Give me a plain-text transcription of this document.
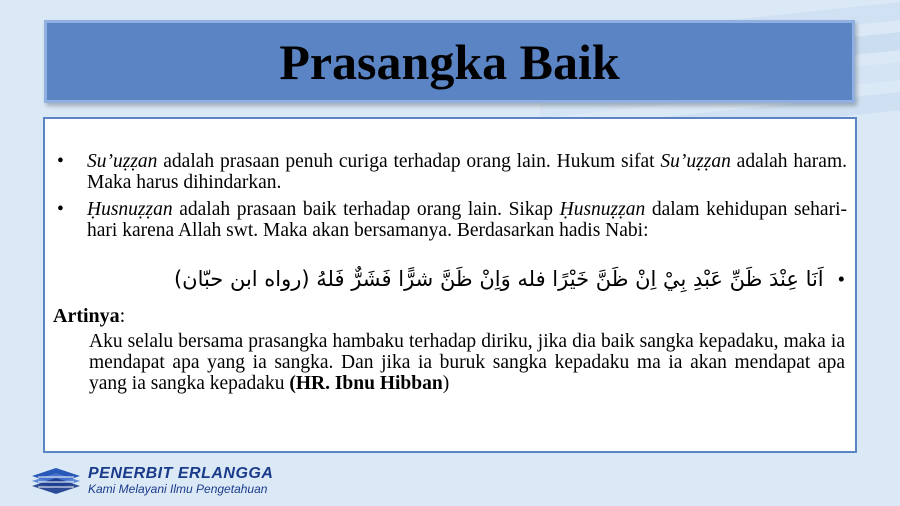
Prasangka Baik
• Su’uẓẓan adalah prasaan penuh curiga terhadap orang lain. Hukum sifat Su’uẓẓan adalah haram. Maka harus dihindarkan.
• Ḥusnuẓẓan adalah prasaan baik terhadap orang lain. Sikap Ḥusnuẓẓan dalam kehidupan sehari-hari karena Allah swt. Maka akan bersamanya. Berdasarkan hadis Nabi:
•اَنَا عِنْدَ ظَنِّ عَبْدِ بِيْ اِنْ ظَنَّ خَيْرًا فله وَاِنْ ظَنَّ شرًّا فَشَرٌّ فَلهُ (رواه ابن حبّان)
Artinya:
Aku selalu bersama prasangka hambaku terhadap diriku, jika dia baik sangka kepadaku, maka ia mendapat apa yang ia sangka. Dan jika ia buruk sangka kepadaku ma ia akan mendapat apa yang ia sangka kepadaku (HR. Ibnu Hibban)
PENERBIT ERLANGGA
Kami Melayani Ilmu Pengetahuan
